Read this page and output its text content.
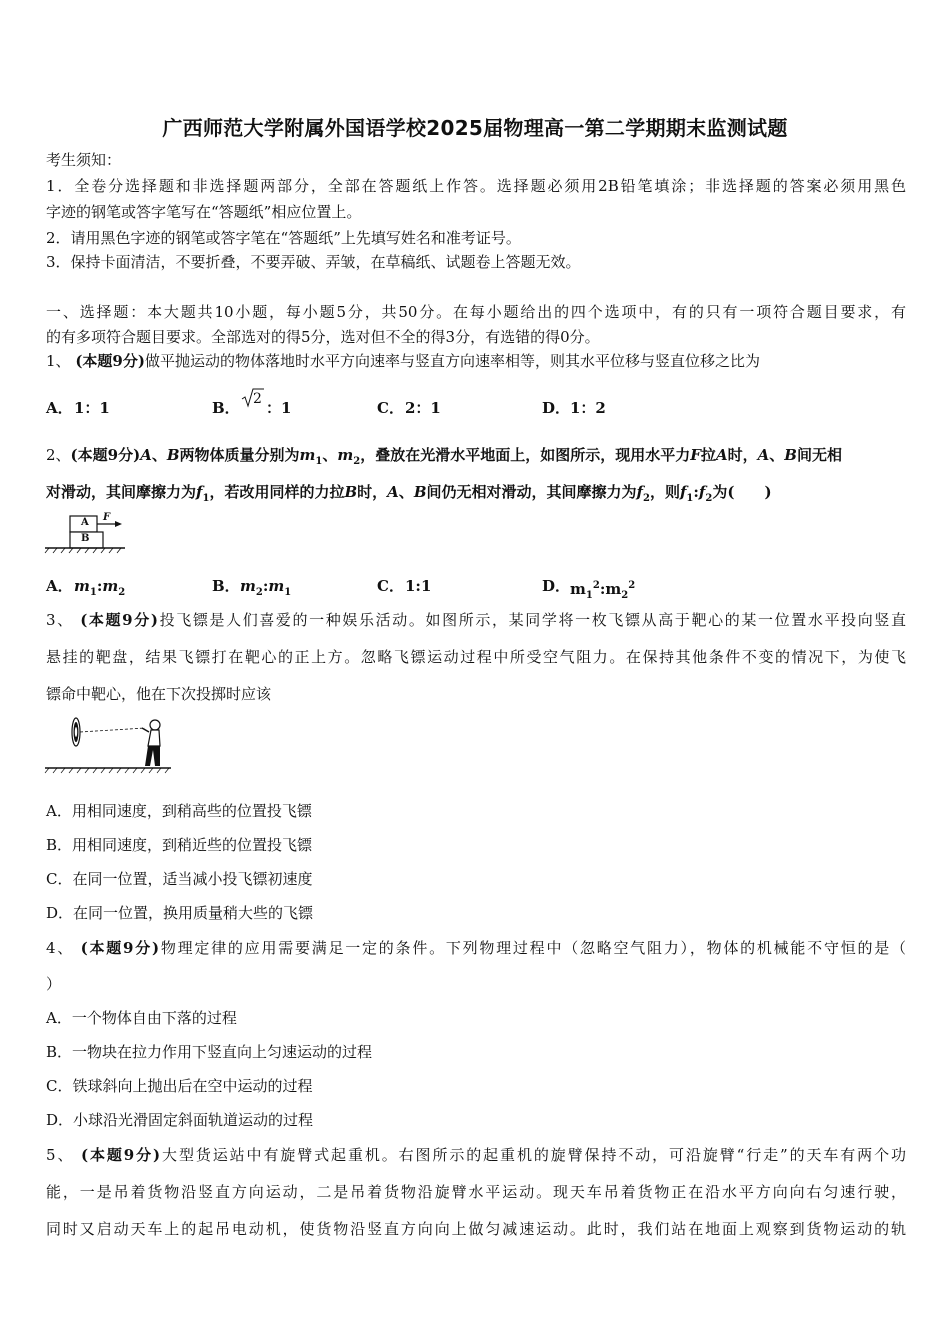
广西师范大学附属外国语学校2025届物理高一第二学期期末监测试题
考生须知：
1．全卷分选择题和非选择题两部分，全部在答题纸上作答。选择题必须用2B铅笔填涂；非选择题的答案必须用黑色
字迹的钢笔或答字笔写在“答题纸”相应位置上。
2．请用黑色字迹的钢笔或答字笔在“答题纸”上先填写姓名和准考证号。
3．保持卡面清洁，不要折叠，不要弄破、弄皱，在草稿纸、试题卷上答题无效。
一、选择题：本大题共10小题，每小题5分，共50分。在每小题给出的四个选项中，有的只有一项符合题目要求，有
的有多项符合题目要求。全部选对的得5分，选对但不全的得3分，有选错的得0分。
1、 (本题9分)做平抛运动的物体落地时水平方向速率与竖直方向速率相等，则其水平位移与竖直位移之比为
A． 1：1	B． 2 ：1	C． 2：1	D． 1：2
2、(本题9分)A、B两物体质量分别为$m_1$、$m_2$，叠放在光滑水平地面上，如图所示，现用水平力F拉A时，A、B间无相
对滑动，其间摩擦力为$f_1$，若改用同样的力拉B时，A、B间仍无相对滑动，其间摩擦力为$f_2$，则$f_1:f_2$为(　　)
A
B
F
A． $m_1:m_2$	B． $m_2:m_1$	C． 1:1	D． $m_1^2:m_2^2$
3、 (本题9分)投飞镖是人们喜爱的一种娱乐活动。如图所示，某同学将一枚飞镖从高于靶心的某一位置水平投向竖直
悬挂的靶盘，结果飞镖打在靶心的正上方。忽略飞镖运动过程中所受空气阻力。在保持其他条件不变的情况下，为使飞
镖命中靶心，他在下次投掷时应该
A．用相同速度，到稍高些的位置投飞镖
B．用相同速度，到稍近些的位置投飞镖
C．在同一位置，适当减小投飞镖初速度
D．在同一位置，换用质量稍大些的飞镖
4、 (本题9分)物理定律的应用需要满足一定的条件。下列物理过程中（忽略空气阻力），物体的机械能不守恒的是（
）
A．一个物体自由下落的过程
B．一物块在拉力作用下竖直向上匀速运动的过程
C．铁球斜向上抛出后在空中运动的过程
D．小球沿光滑固定斜面轨道运动的过程
5、 (本题9分)大型货运站中有旋臂式起重机。右图所示的起重机的旋臂保持不动，可沿旋臂“行走”的天车有两个功
能，一是吊着货物沿竖直方向运动，二是吊着货物沿旋臂水平运动。现天车吊着货物正在沿水平方向向右匀速行驶，
同时又启动天车上的起吊电动机，使货物沿竖直方向向上做匀减速运动。此时，我们站在地面上观察到货物运动的轨
